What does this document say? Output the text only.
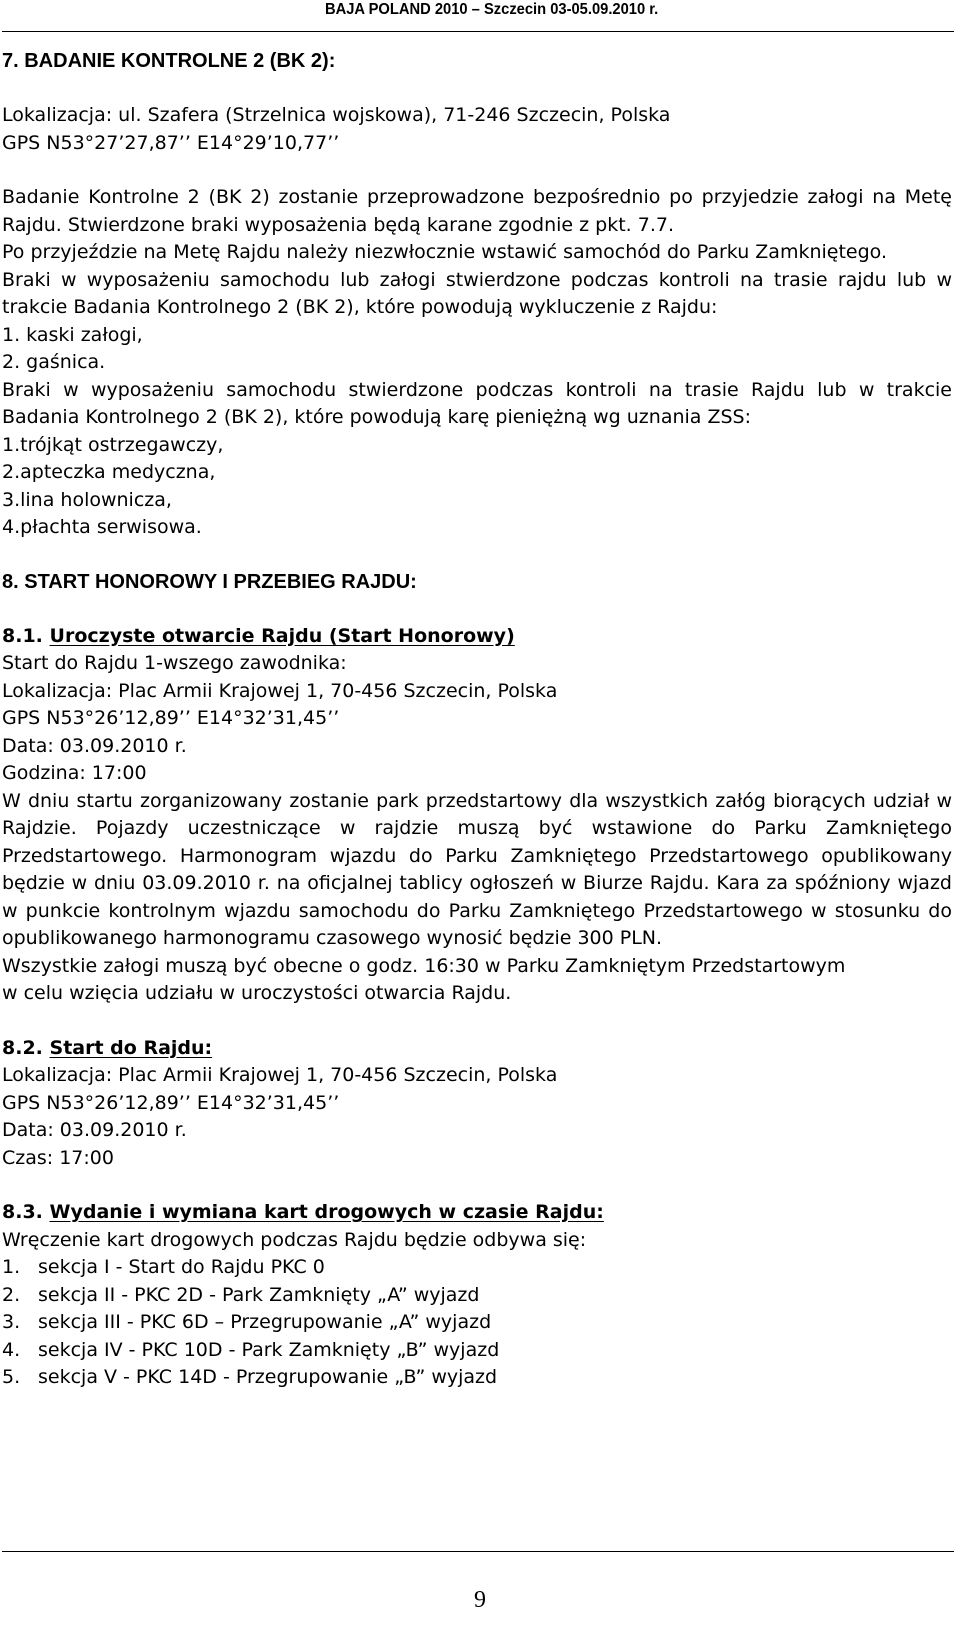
BAJA POLAND 2010 – Szczecin 03-05.09.2010 r.

7. BADANIE KONTROLNE 2 (BK 2):

Lokalizacja: ul. Szafera (Strzelnica wojskowa), 71-246 Szczecin, Polska

GPS N53°27’27,87’’ E14°29’10,77’’

Badanie Kontrolne 2 (BK 2) zostanie przeprowadzone bezpośrednio po przyjedzie załogi na Metę Rajdu. Stwierdzone braki wyposażenia będą karane zgodnie z pkt. 7.7.

Po przyjeździe na Metę Rajdu należy niezwłocznie wstawić samochód do Parku Zamkniętego.

Braki w wyposażeniu samochodu lub załogi stwierdzone podczas kontroli na trasie rajdu lub w trakcie Badania Kontrolnego 2 (BK 2), które powodują wykluczenie z Rajdu:

1. kaski załogi,

2. gaśnica.

Braki w wyposażeniu samochodu stwierdzone podczas kontroli na trasie Rajdu lub w trakcie Badania Kontrolnego 2 (BK 2), które powodują karę pieniężną wg uznania ZSS:

1.trójkąt ostrzegawczy,

2.apteczka medyczna,

3.lina holownicza,

4.płachta serwisowa.

8. START HONOROWY I PRZEBIEG RAJDU:

8.1. Uroczyste otwarcie Rajdu (Start Honorowy)

Start do Rajdu 1-wszego zawodnika:

Lokalizacja: Plac Armii Krajowej 1, 70-456 Szczecin, Polska

GPS N53°26’12,89’’ E14°32’31,45’’

Data: 03.09.2010 r.

Godzina: 17:00

W dniu startu zorganizowany zostanie park przedstartowy dla wszystkich załóg biorących udział w Rajdzie. Pojazdy uczestniczące w rajdzie muszą być wstawione do Parku Zamkniętego Przedstartowego. Harmonogram wjazdu do Parku Zamkniętego Przedstartowego opublikowany będzie w dniu 03.09.2010 r. na oficjalnej tablicy ogłoszeń w Biurze Rajdu. Kara za spóźniony wjazd w punkcie kontrolnym wjazdu samochodu do Parku Zamkniętego Przedstartowego w stosunku do opublikowanego harmonogramu czasowego wynosić będzie 300 PLN.

Wszystkie załogi muszą być obecne o godz. 16:30 w Parku Zamkniętym Przedstartowym

w celu wzięcia udziału w uroczystości otwarcia Rajdu.

8.2. Start do Rajdu:

Lokalizacja: Plac Armii Krajowej 1, 70-456 Szczecin, Polska

GPS N53°26’12,89’’ E14°32’31,45’’

Data: 03.09.2010 r.

Czas: 17:00

8.3. Wydanie i wymiana kart drogowych w czasie Rajdu:

Wręczenie kart drogowych podczas Rajdu będzie odbywa się:

1. sekcja I - Start do Rajdu PKC 0

2. sekcja II - PKC 2D - Park Zamknięty „A” wyjazd

3. sekcja III - PKC 6D – Przegrupowanie „A” wyjazd

4. sekcja IV - PKC 10D - Park Zamknięty „B” wyjazd

5. sekcja V - PKC 14D - Przegrupowanie „B” wyjazd

9
